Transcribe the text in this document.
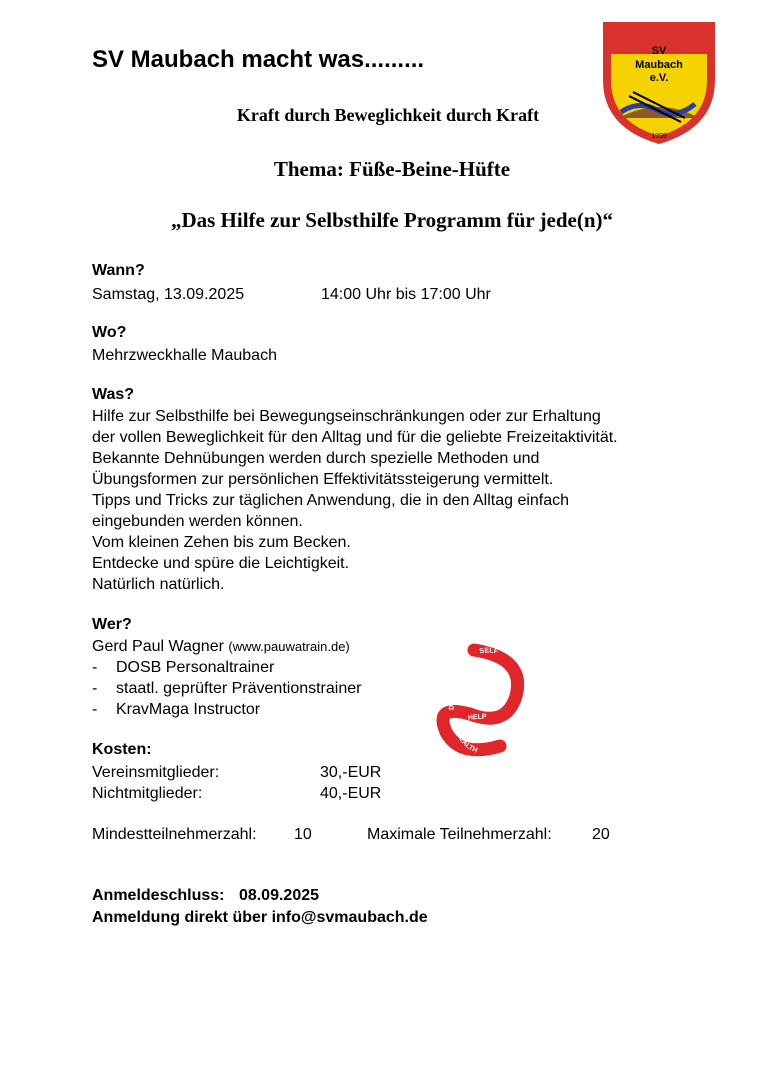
SV Maubach macht was.........	SV
Maubach
e.V.
1999
Kraft durch Beweglichkeit durch Kraft
Thema: Füße-Beine-Hüfte
„Das Hilfe zur Selbsthilfe Programm für jede(n)“
Wann?
Samstag, 13.09.2025	14:00 Uhr bis 17:00 Uhr
Wo?
Mehrzweckhalle Maubach
Was?
Hilfe zur Selbsthilfe bei Bewegungseinschränkungen oder zur Erhaltung
der vollen Beweglichkeit für den Alltag und für die geliebte Freizeitaktivität.
Bekannte Dehnübungen werden durch spezielle Methoden und
Übungsformen zur persönlichen Effektivitätssteigerung vermittelt.
Tipps und Tricks zur täglichen Anwendung, die in den Alltag einfach
eingebunden werden können.
Vom kleinen Zehen bis zum Becken.
Entdecke und spüre die Leichtigkeit.
Natürlich natürlich.
Wer?
Gerd Paul Wagner (www.pauwatrain.de)
- DOSB Personaltrainer
- staatl. geprüfter Präventionstrainer
- KravMaga Instructor
SELF
DEFENSE
HELP
HEALTH
Kosten:
Vereinsmitglieder:	30,-EUR
Nichtmitglieder:	40,-EUR
Mindestteilnehmerzahl: 10	Maximale Teilnehmerzahl:	20
Anmeldeschluss: 08.09.2025
Anmeldung direkt über info@svmaubach.de
